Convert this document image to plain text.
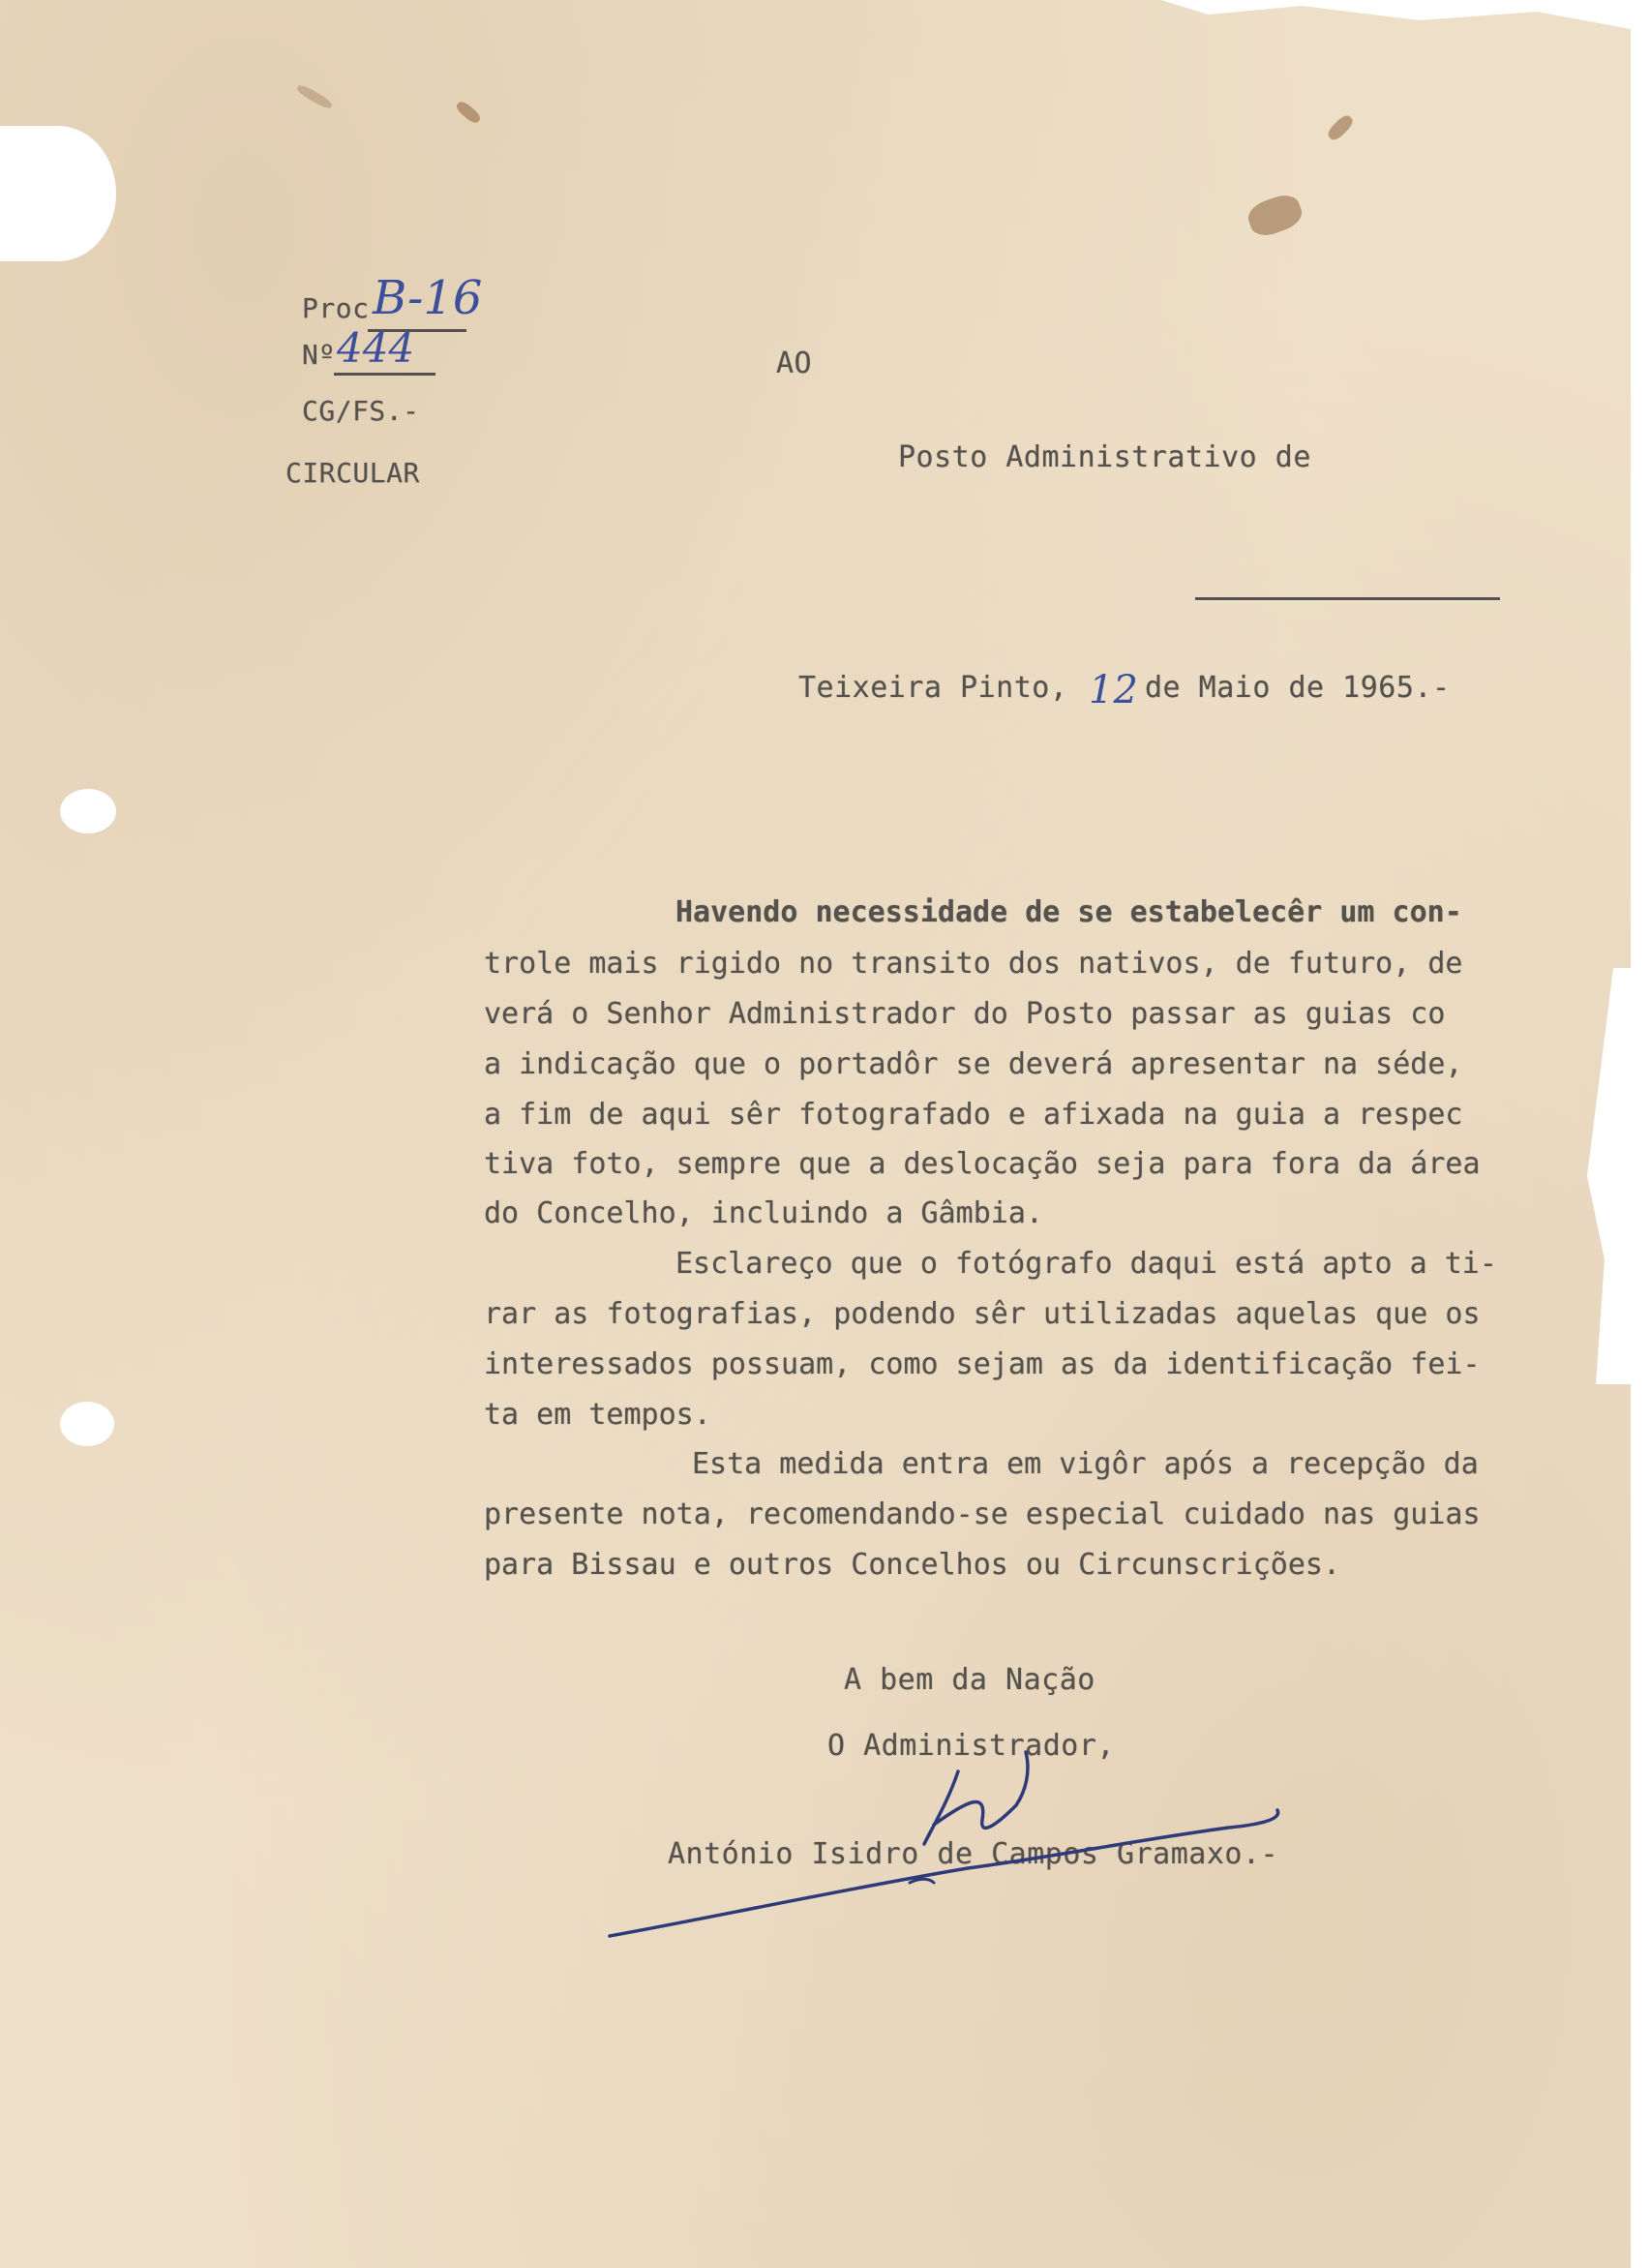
Proc B-16
Nº 444
CG/FS.-
CIRCULAR
AO
Posto Administrativo de
Teixeira Pinto, 12 de Maio de 1965.-
Havendo necessidade de se estabelecêr um con-
trole mais rigido no transito dos nativos, de futuro, de
verá o Senhor Administrador do Posto passar as guias co
a indicação que o portadôr se deverá apresentar na séde,
a fim de aqui sêr fotografado e afixada na guia a respec
tiva foto, sempre que a deslocação seja para fora da área
do Concelho, incluindo a Gâmbia.
Esclareço que o fotógrafo daqui está apto a ti-
rar as fotografias, podendo sêr utilizadas aquelas que os
interessados possuam, como sejam as da identificação fei-
ta em tempos.
Esta medida entra em vigôr após a recepção da
presente nota, recomendando-se especial cuidado nas guias
para Bissau e outros Concelhos ou Circunscrições.
A bem da Nação
O Administrador,
António Isidro de Campos Gramaxo.-
